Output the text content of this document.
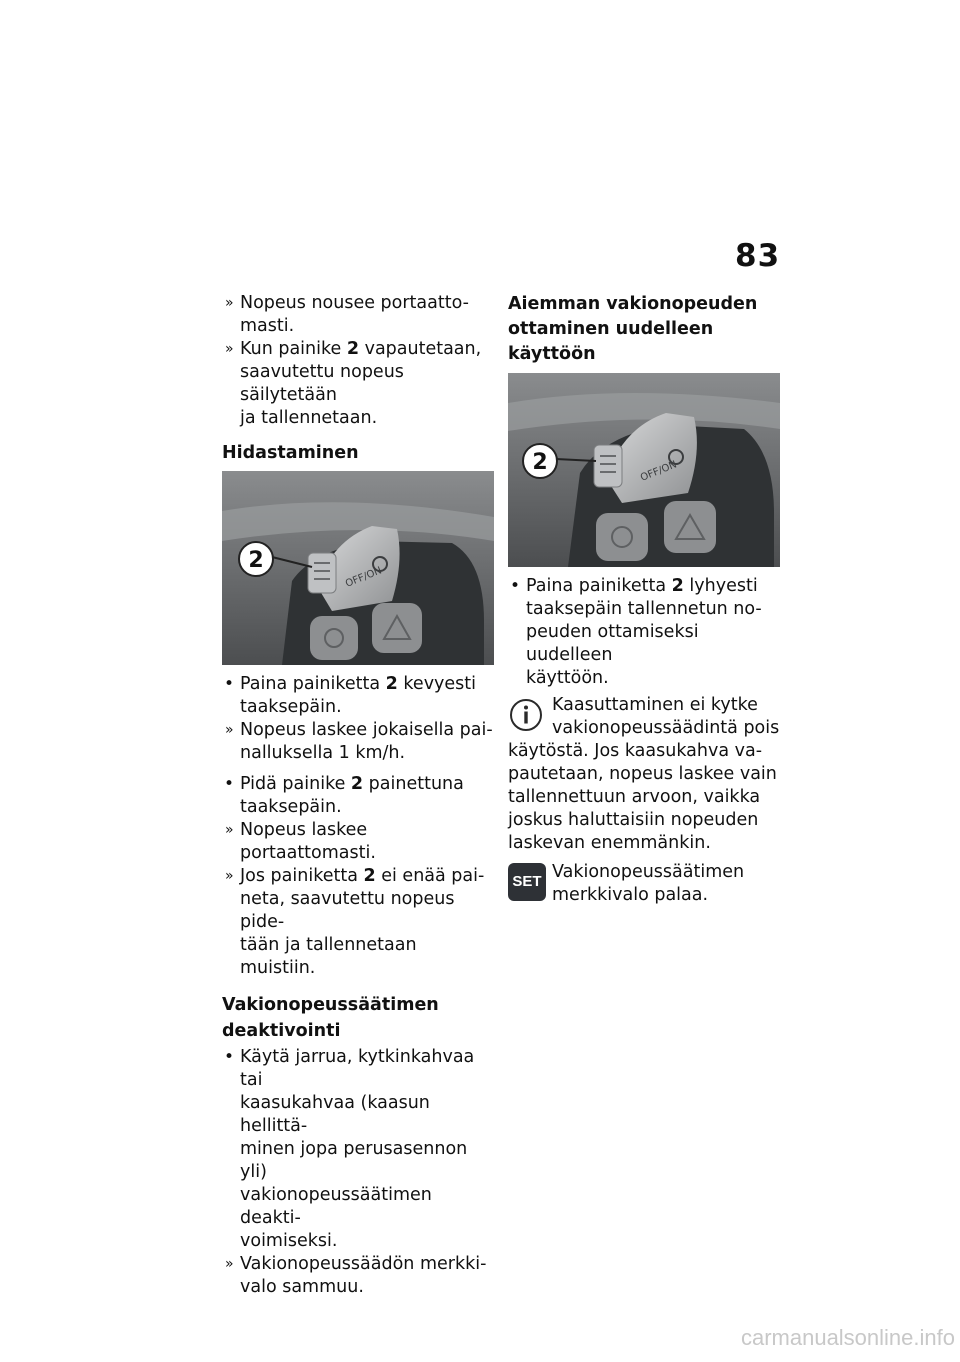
83
» Nopeus nousee portaatto-
masti.
» Kun painike 2 vapautetaan,
saavutettu nopeus säilytetään
ja tallennetaan.
Hidastaminen
OFF/ON
2
• Paina painiketta 2 kevyesti
taaksepäin.
» Nopeus laskee jokaisella pai-
nalluksella 1 km/h.
• Pidä painike 2 painettuna
taaksepäin.
» Nopeus laskee portaattomasti.
» Jos painiketta 2 ei enää pai-
neta, saavutettu nopeus pide-
tään ja tallennetaan muistiin.
Vakionopeussäätimen
deaktivointi
• Käytä jarrua, kytkinkahvaa tai
kaasukahvaa (kaasun hellittä-
minen jopa perusasennon yli)
vakionopeussäätimen deakti-
voimiseksi.
» Vakionopeussäädön merkki-
valo sammuu.
Aiemman vakionopeuden
ottaminen uudelleen käyttöön
OFF/ON
2
• Paina painiketta 2 lyhyesti
taaksepäin tallennetun no-
peuden ottamiseksi uudelleen
käyttöön.
Kaasuttaminen ei kytke
vakionopeussäädintä pois
käytöstä. Jos kaasukahva va-
pautetaan, nopeus laskee vain
tallennettuun arvoon, vaikka
joskus haluttaisiin nopeuden
laskevan enemmänkin.
SET Vakionopeussäätimen
merkkivalo palaa.
carmanualsonline.info
